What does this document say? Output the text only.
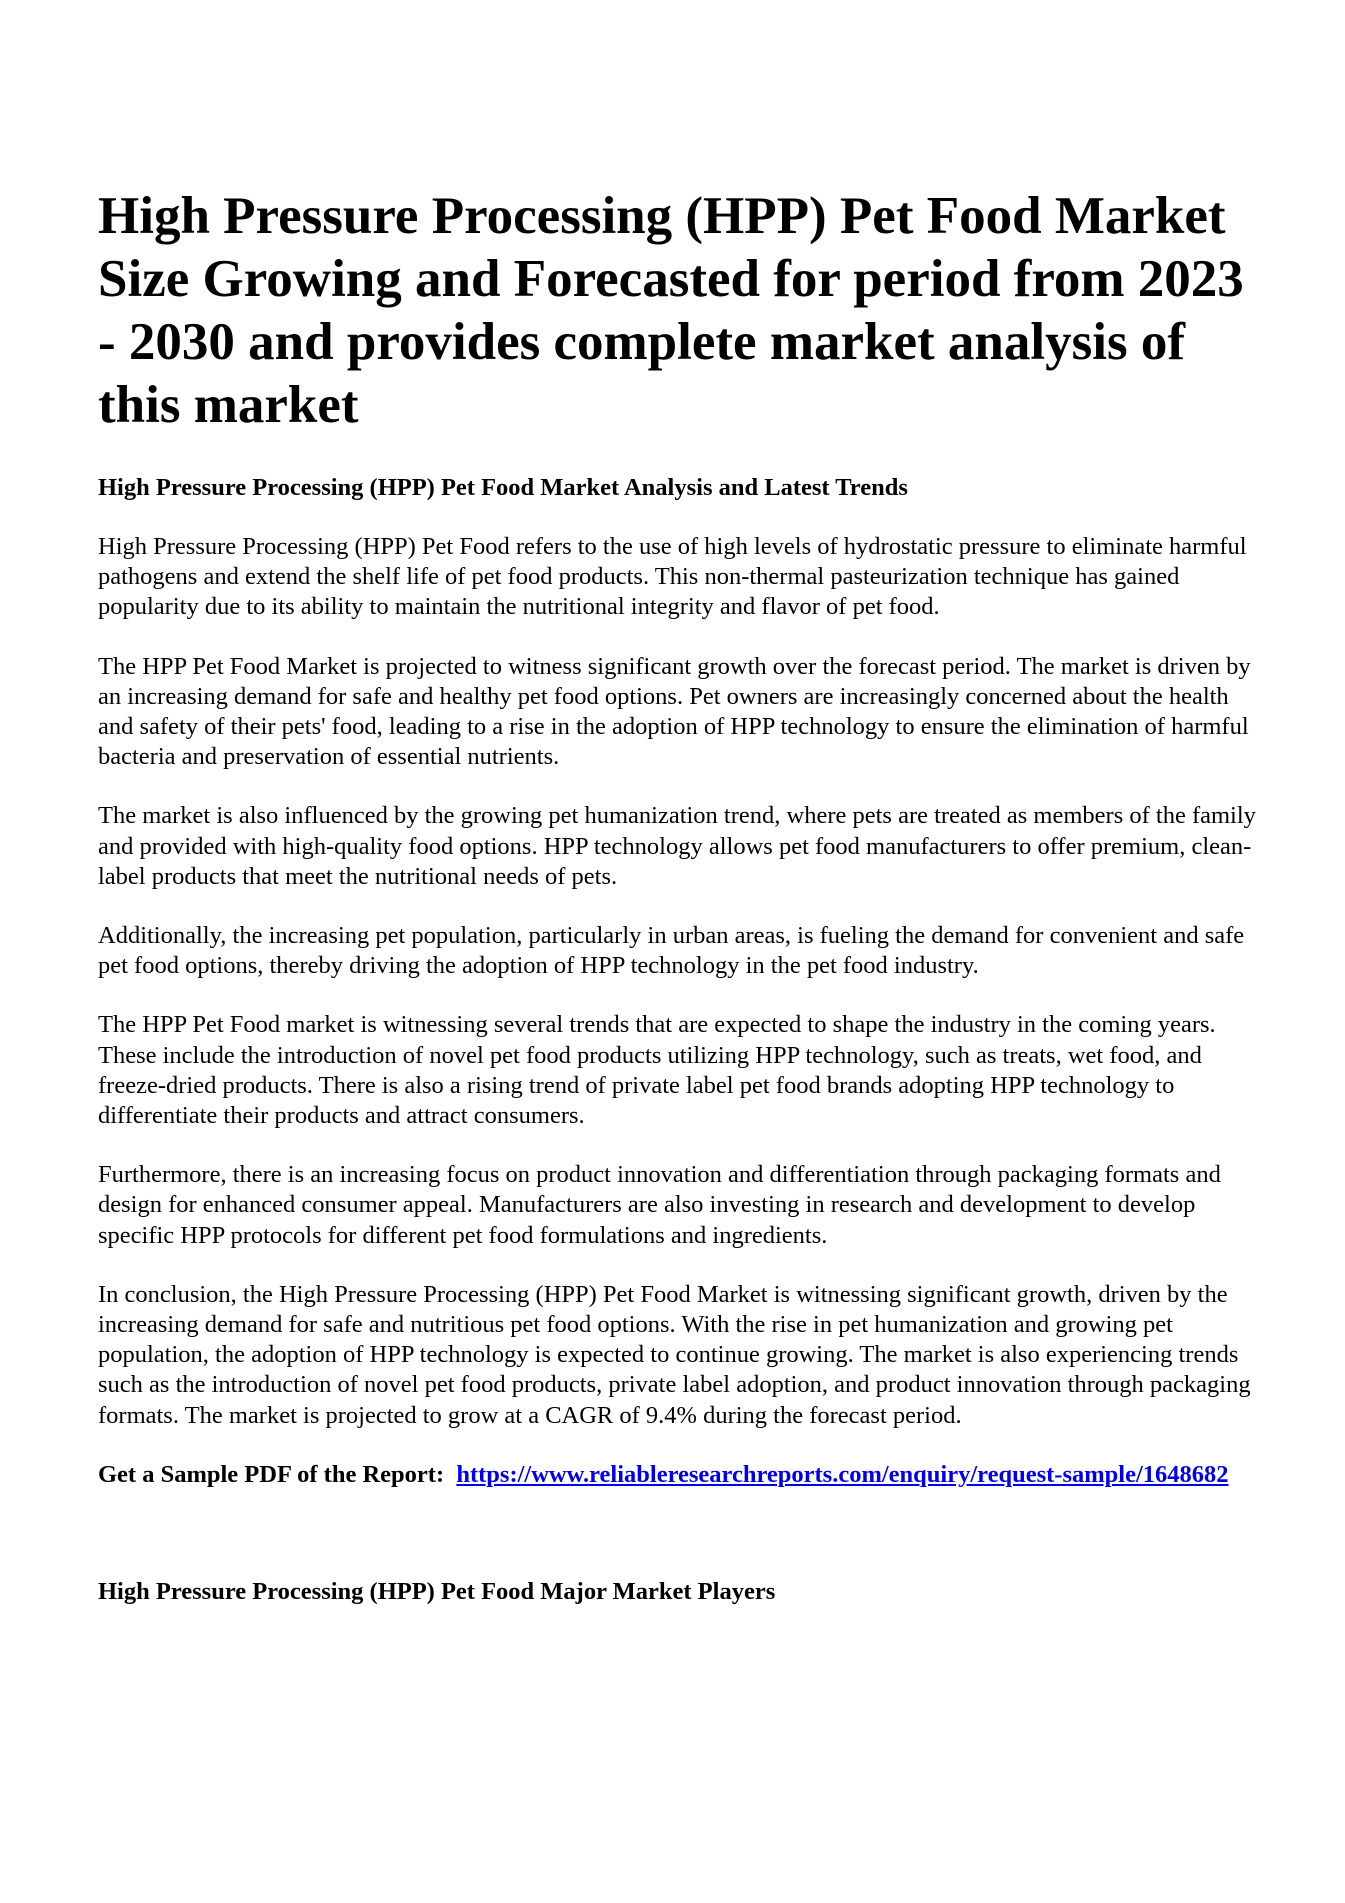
High Pressure Processing (HPP) Pet Food Market Size Growing and Forecasted for period from 2023 - 2030 and provides complete market analysis of this market
High Pressure Processing (HPP) Pet Food Market Analysis and Latest Trends

High Pressure Processing (HPP) Pet Food refers to the use of high levels of hydrostatic pressure to eliminate harmful pathogens and extend the shelf life of pet food products. This non-thermal pasteurization technique has gained popularity due to its ability to maintain the nutritional integrity and flavor of pet food.

The HPP Pet Food Market is projected to witness significant growth over the forecast period. The market is driven by an increasing demand for safe and healthy pet food options. Pet owners are increasingly concerned about the health and safety of their pets' food, leading to a rise in the adoption of HPP technology to ensure the elimination of harmful bacteria and preservation of essential nutrients.

The market is also influenced by the growing pet humanization trend, where pets are treated as members of the family and provided with high-quality food options. HPP technology allows pet food manufacturers to offer premium, clean-label products that meet the nutritional needs of pets.

Additionally, the increasing pet population, particularly in urban areas, is fueling the demand for convenient and safe pet food options, thereby driving the adoption of HPP technology in the pet food industry.

The HPP Pet Food market is witnessing several trends that are expected to shape the industry in the coming years. These include the introduction of novel pet food products utilizing HPP technology, such as treats, wet food, and freeze-dried products. There is also a rising trend of private label pet food brands adopting HPP technology to differentiate their products and attract consumers.

Furthermore, there is an increasing focus on product innovation and differentiation through packaging formats and design for enhanced consumer appeal. Manufacturers are also investing in research and development to develop specific HPP protocols for different pet food formulations and ingredients.

In conclusion, the High Pressure Processing (HPP) Pet Food Market is witnessing significant growth, driven by the increasing demand for safe and nutritious pet food options. With the rise in pet humanization and growing pet population, the adoption of HPP technology is expected to continue growing. The market is also experiencing trends such as the introduction of novel pet food products, private label adoption, and product innovation through packaging formats. The market is projected to grow at a CAGR of 9.4% during the forecast period.

Get a Sample PDF of the Report: https://www.reliableresearchreports.com/enquiry/request-sample/1648682

High Pressure Processing (HPP) Pet Food Major Market Players
